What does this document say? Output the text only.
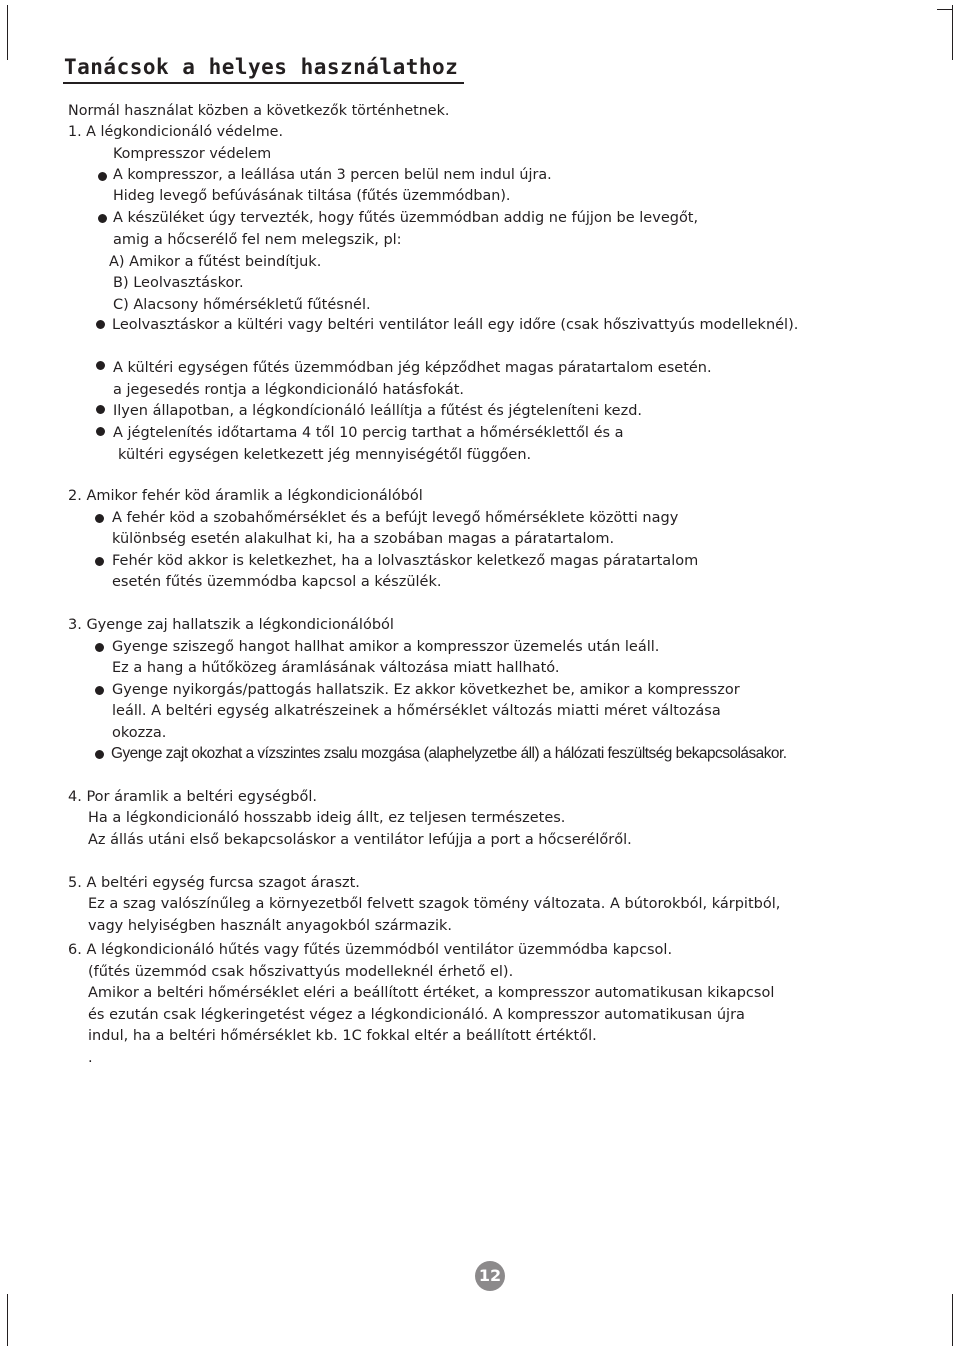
Tanácsok a helyes használathoz
Normál használat közben a következők történhetnek.
1. A légkondicionáló védelme.
Kompresszor védelem
A kompresszor, a leállása után 3 percen belül nem indul újra.
Hideg levegő befúvásának tiltása (fűtés üzemmódban).
A készüléket úgy tervezték, hogy fűtés üzemmódban addig ne fújjon be levegőt,
amig a hőcserélő fel nem melegszik, pl:
A) Amikor a fűtést beindítjuk.
B) Leolvasztáskor.
C) Alacsony hőmérsékletű fűtésnél.
Leolvasztáskor a kültéri vagy beltéri ventilátor leáll egy időre (csak hőszivattyús modelleknél).
A kültéri egységen fűtés üzemmódban jég képződhet magas páratartalom esetén.
a jegesedés rontja a légkondicionáló hatásfokát.
Ilyen állapotban, a légkondícionáló leállítja a fűtést és jégteleníteni kezd.
A jégtelenítés időtartama 4 től 10 percig tarthat a hőmérséklettől és a
kültéri egységen keletkezett jég mennyiségétől függően.
2. Amikor fehér köd áramlik a légkondicionálóból
A fehér köd a szobahőmérséklet és a befújt levegő hőmérséklete közötti nagy
különbség esetén alakulhat ki, ha a szobában magas a páratartalom.
Fehér köd akkor is keletkezhet, ha a lolvasztáskor keletkező magas páratartalom
esetén fűtés üzemmódba kapcsol a készülék.
3. Gyenge zaj hallatszik a légkondicionálóból
Gyenge sziszegő hangot hallhat amikor a kompresszor üzemelés után leáll.
Ez a hang a hűtőközeg áramlásának változása miatt hallható.
Gyenge nyikorgás/pattogás hallatszik. Ez akkor következhet be, amikor a kompresszor
leáll. A beltéri egység alkatrészeinek a hőmérséklet változás miatti méret változása
okozza.
Gyenge zajt okozhat a vízszintes zsalu mozgása (alaphelyzetbe áll) a hálózati feszültség bekapcsolásakor.
4. Por áramlik a beltéri egységből.
Ha a légkondicionáló hosszabb ideig állt, ez teljesen természetes.
Az állás utáni első bekapcsoláskor a ventilátor lefújja a port a hőcserélőről.
5. A beltéri egység furcsa szagot áraszt.
Ez a szag valószínűleg a környezetből felvett szagok tömény változata. A bútorokból, kárpitból,
vagy helyiségben használt anyagokból származik.
6. A légkondicionáló hűtés vagy fűtés üzemmódból ventilátor üzemmódba kapcsol.
(fűtés üzemmód csak hőszivattyús modelleknél érhető el).
Amikor a beltéri hőmérséklet eléri a beállított értéket, a kompresszor automatikusan kikapcsol
és ezután csak légkeringetést végez a légkondicionáló. A kompresszor automatikusan újra
indul, ha a beltéri hőmérséklet kb. 1C fokkal eltér a beállított értéktől.
.
12
